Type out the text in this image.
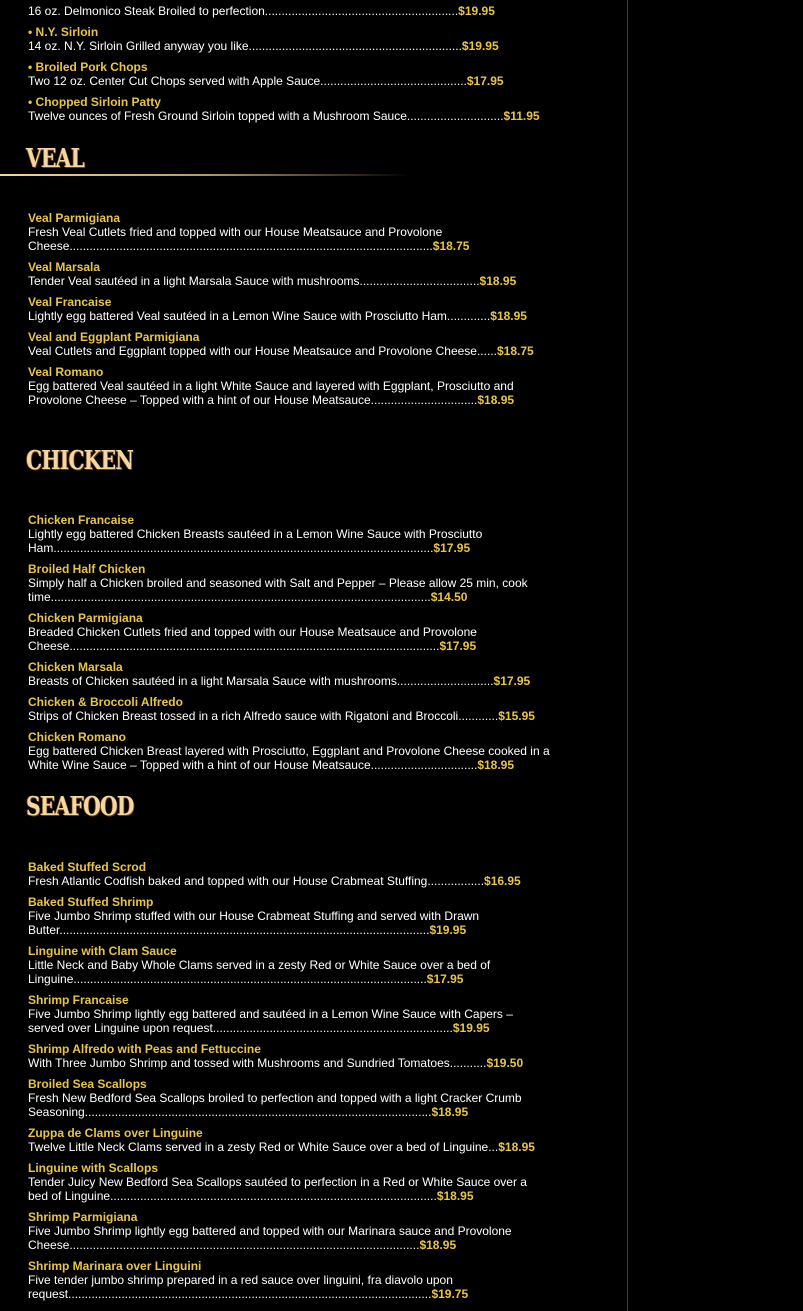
16 oz. Delmonico Steak Broiled to perfection..........................................................$19.95
• N.Y. Sirloin
14 oz. N.Y. Sirloin Grilled anyway you like................................................................$19.95
• Broiled Pork Chops
Two 12 oz. Center Cut Chops served with Apple Sauce............................................$17.95
• Chopped Sirloin Patty
Twelve ounces of Fresh Ground Sirloin topped with a Mushroom Sauce.............................$11.95
VEAL
Veal Parmigiana
Fresh Veal Cutlets fried and topped with our House Meatsauce and Provolone Cheese.............................................................................................................$18.75
Veal Marsala
Tender Veal sautéed in a light Marsala Sauce with mushrooms....................................$18.95
Veal Francaise
Lightly egg battered Veal sautéed in a Lemon Wine Sauce with Prosciutto Ham.............$18.95
Veal and Eggplant Parmigiana
Veal Cutlets and Eggplant topped with our House Meatsauce and Provolone Cheese......$18.75
Veal Romano
Egg battered Veal sautéed in a light White Sauce and layered with Eggplant, Prosciutto and Provolone Cheese – Topped with a hint of our House Meatsauce................................$18.95
CHICKEN
Chicken Francaise
Lightly egg battered Chicken Breasts sautéed in a Lemon Wine Sauce with Prosciutto Ham..................................................................................................................$17.95
Broiled Half Chicken
Simply half a Chicken broiled and seasoned with Salt and Pepper – Please allow 25 min, cook time..................................................................................................................$14.50
Chicken Parmigiana
Breaded Chicken Cutlets fried and topped with our House Meatsauce and Provolone Cheese...............................................................................................................$17.95
Chicken Marsala
Breasts of Chicken sautéed in a light Marsala Sauce with mushrooms.............................$17.95
Chicken & Broccoli Alfredo
Strips of Chicken Breast tossed in a rich Alfredo sauce with Rigatoni and Broccoli............$15.95
Chicken Romano
Egg battered Chicken Breast layered with Prosciutto, Eggplant and Provolone Cheese cooked in a White Wine Sauce – Topped with a hint of our House Meatsauce................................$18.95
SEAFOOD
Baked Stuffed Scrod
Fresh Atlantic Codfish baked and topped with our House Crabmeat Stuffing.................$16.95
Baked Stuffed Shrimp
Five Jumbo Shrimp stuffed with our House Crabmeat Stuffing and served with Drawn Butter...............................................................................................................$19.95
Linguine with Clam Sauce
Little Neck and Baby Whole Clams served in a zesty Red or White Sauce over a bed of Linguine..........................................................................................................$17.95
Shrimp Francaise
Five Jumbo Shrimp lightly egg battered and sautéed in a Lemon Wine Sauce with Capers – served over Linguine upon request........................................................................$19.95
Shrimp Alfredo with Peas and Fettuccine
With Three Jumbo Shrimp and tossed with Mushrooms and Sundried Tomatoes...........$19.50
Broiled Sea Scallops
Fresh New Bedford Sea Scallops broiled to perfection and topped with a light Cracker Crumb Seasoning........................................................................................................$18.95
Zuppa de Clams over Linguine
Twelve Little Neck Clams served in a zesty Red or White Sauce over a bed of Linguine...$18.95
Linguine with Scallops
Tender Juicy New Bedford Sea Scallops sautéed to perfection in a Red or White Sauce over a bed of Linguine..................................................................................................$18.95
Shrimp Parmigiana
Five Jumbo Shrimp lightly egg battered and topped with our Marinara sauce and Provolone Cheese.........................................................................................................$18.95
Shrimp Marinara over Linguini
Five tender jumbo shrimp prepared in a red sauce over linguini, fra diavolo upon request.............................................................................................................$19.75
